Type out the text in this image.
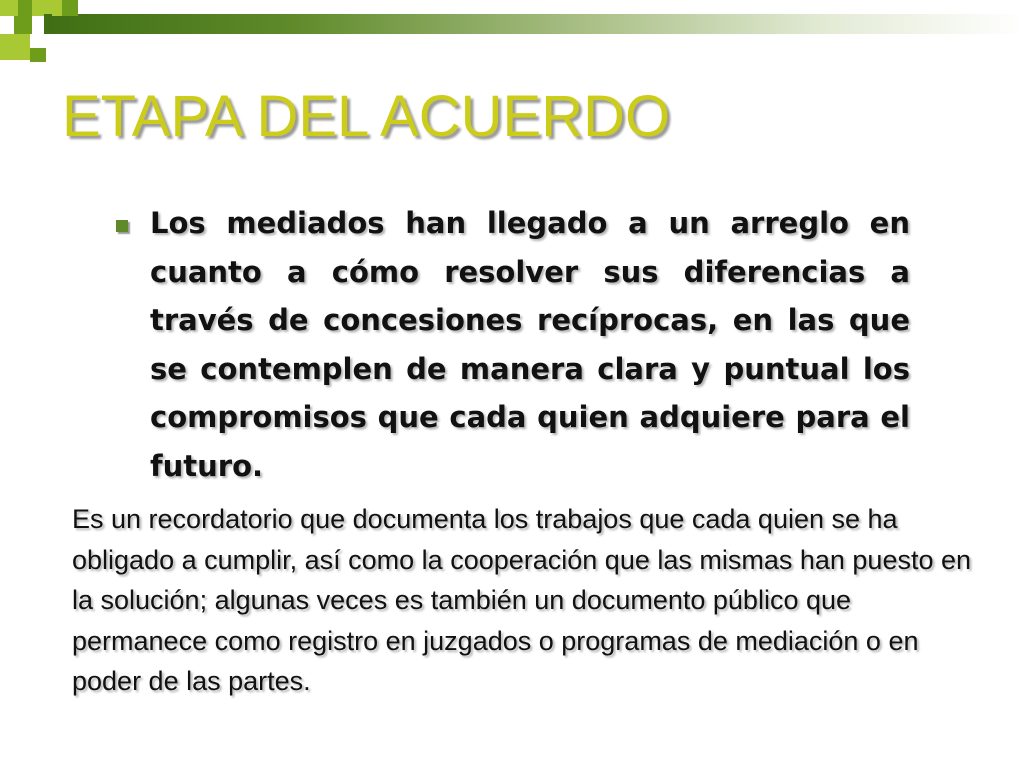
ETAPA DEL ACUERDO
Los mediados han llegado a un arreglo en cuanto a cómo resolver sus diferencias a través de concesiones recíprocas, en las que se contemplen de manera clara y puntual los compromisos que cada quien adquiere para el futuro.
Es un recordatorio que documenta los trabajos que cada quien se ha obligado a cumplir, así como la cooperación que las mismas han puesto en la solución; algunas veces es también un documento público que permanece como registro en juzgados o programas de mediación o en poder de las partes.
